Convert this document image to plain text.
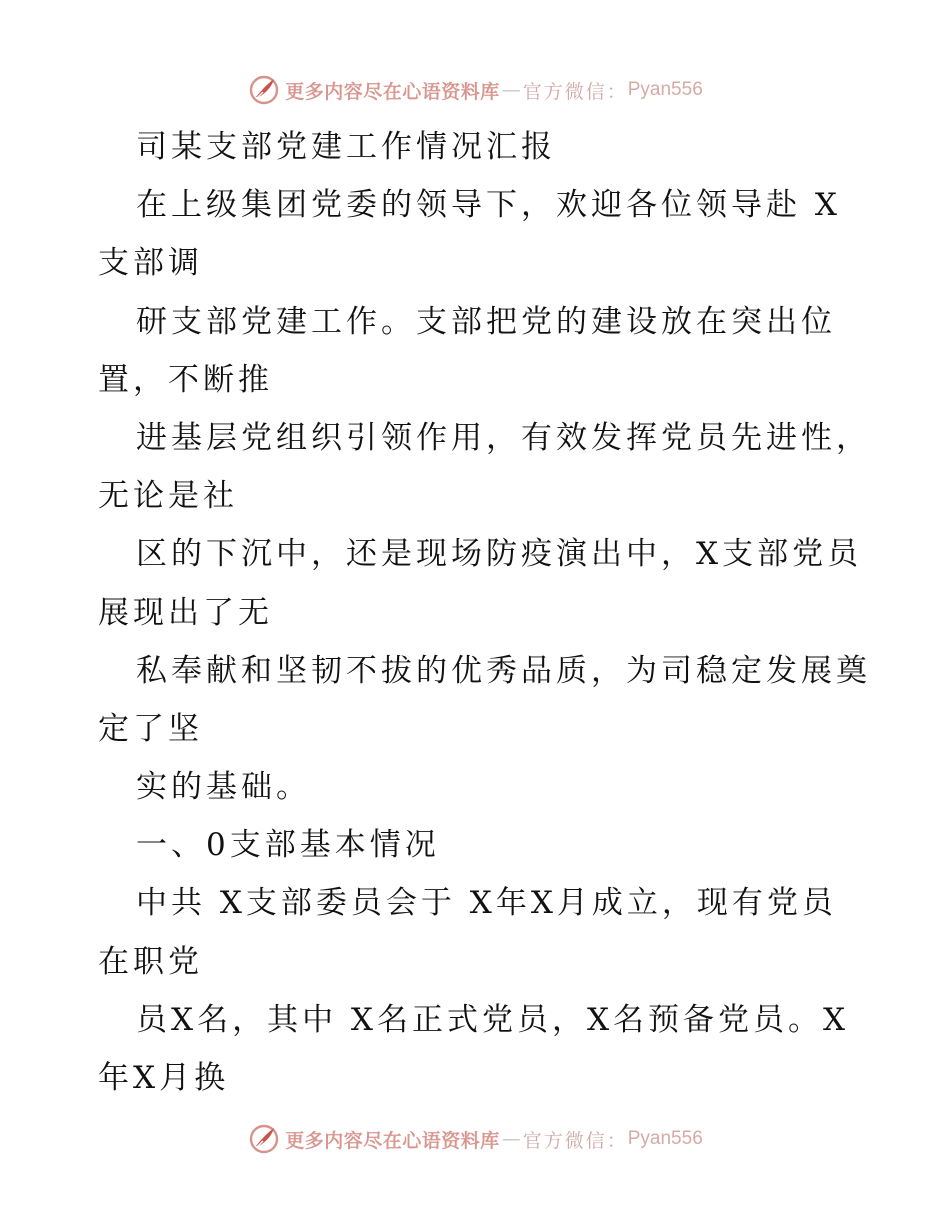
更多内容尽在心语资料库 — 官方微信： Pyan556
司某支部党建工作情况汇报
在上级集团党委的领导下，欢迎各位领导赴 X
支部调
研支部党建工作。支部把党的建设放在突出位
置，不断推
进基层党组织引领作用，有效发挥党员先进性，
无论是社
区的下沉中，还是现场防疫演出中，X支部党员
展现出了无
私奉献和坚韧不拔的优秀品质，为司稳定发展奠
定了坚
实的基础。
一、0支部基本情况
中共 X支部委员会于 X年X月成立，现有党员
在职党
员X名，其中 X名正式党员，X名预备党员。X
年X月换
更多内容尽在心语资料库 — 官方微信： Pyan556
